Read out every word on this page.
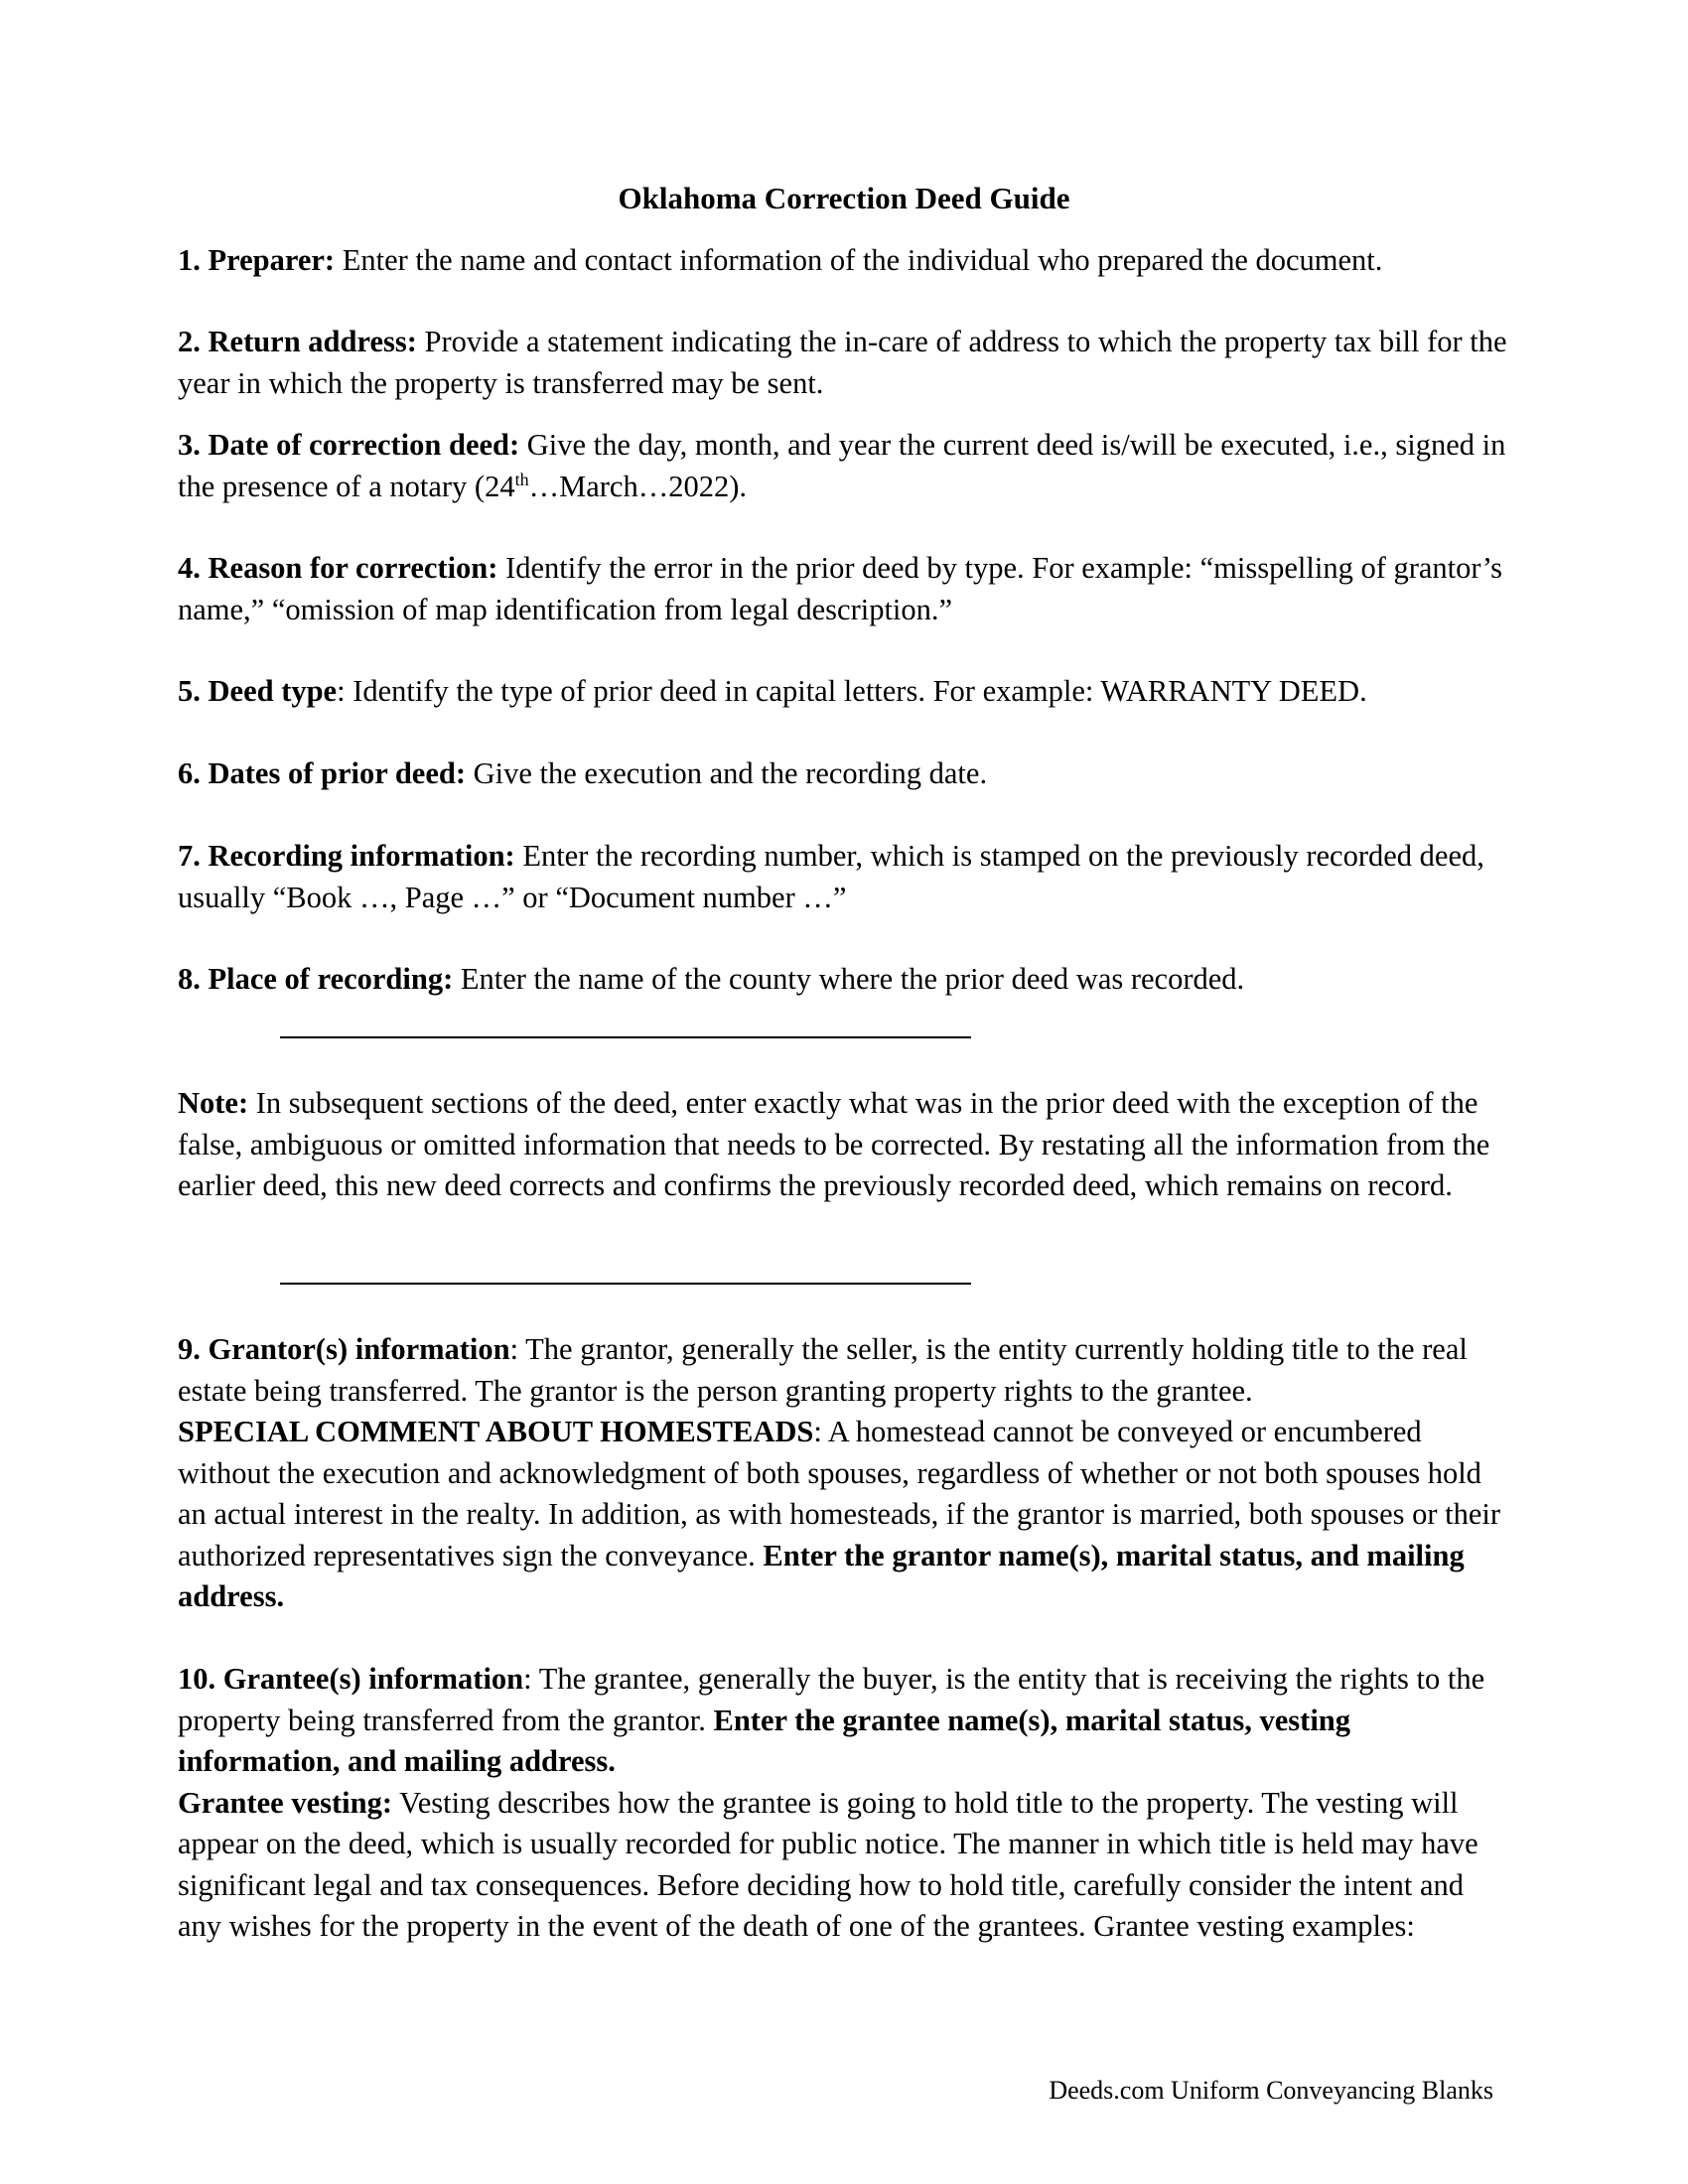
Oklahoma Correction Deed Guide
1. Preparer: Enter the name and contact information of the individual who prepared the document.
2. Return address: Provide a statement indicating the in-care of address to which the property tax bill for the year in which the property is transferred may be sent.
3. Date of correction deed: Give the day, month, and year the current deed is/will be executed, i.e., signed in the presence of a notary (24th…March…2022).
4. Reason for correction: Identify the error in the prior deed by type. For example: “misspelling of grantor’s name,” “omission of map identification from legal description.”
5. Deed type: Identify the type of prior deed in capital letters. For example: WARRANTY DEED.
6. Dates of prior deed: Give the execution and the recording date.
7. Recording information: Enter the recording number, which is stamped on the previously recorded deed, usually “Book …, Page …” or “Document number …”
8. Place of recording: Enter the name of the county where the prior deed was recorded.
Note: In subsequent sections of the deed, enter exactly what was in the prior deed with the exception of the false, ambiguous or omitted information that needs to be corrected. By restating all the information from the earlier deed, this new deed corrects and confirms the previously recorded deed, which remains on record.
9. Grantor(s) information: The grantor, generally the seller, is the entity currently holding title to the real estate being transferred. The grantor is the person granting property rights to the grantee.
SPECIAL COMMENT ABOUT HOMESTEADS: A homestead cannot be conveyed or encumbered without the execution and acknowledgment of both spouses, regardless of whether or not both spouses hold an actual interest in the realty. In addition, as with homesteads, if the grantor is married, both spouses or their authorized representatives sign the conveyance. Enter the grantor name(s), marital status, and mailing address.
10. Grantee(s) information: The grantee, generally the buyer, is the entity that is receiving the rights to the property being transferred from the grantor. Enter the grantee name(s), marital status, vesting information, and mailing address.
Grantee vesting: Vesting describes how the grantee is going to hold title to the property. The vesting will appear on the deed, which is usually recorded for public notice. The manner in which title is held may have significant legal and tax consequences. Before deciding how to hold title, carefully consider the intent and any wishes for the property in the event of the death of one of the grantees. Grantee vesting examples:
Deeds.com Uniform Conveyancing Blanks
